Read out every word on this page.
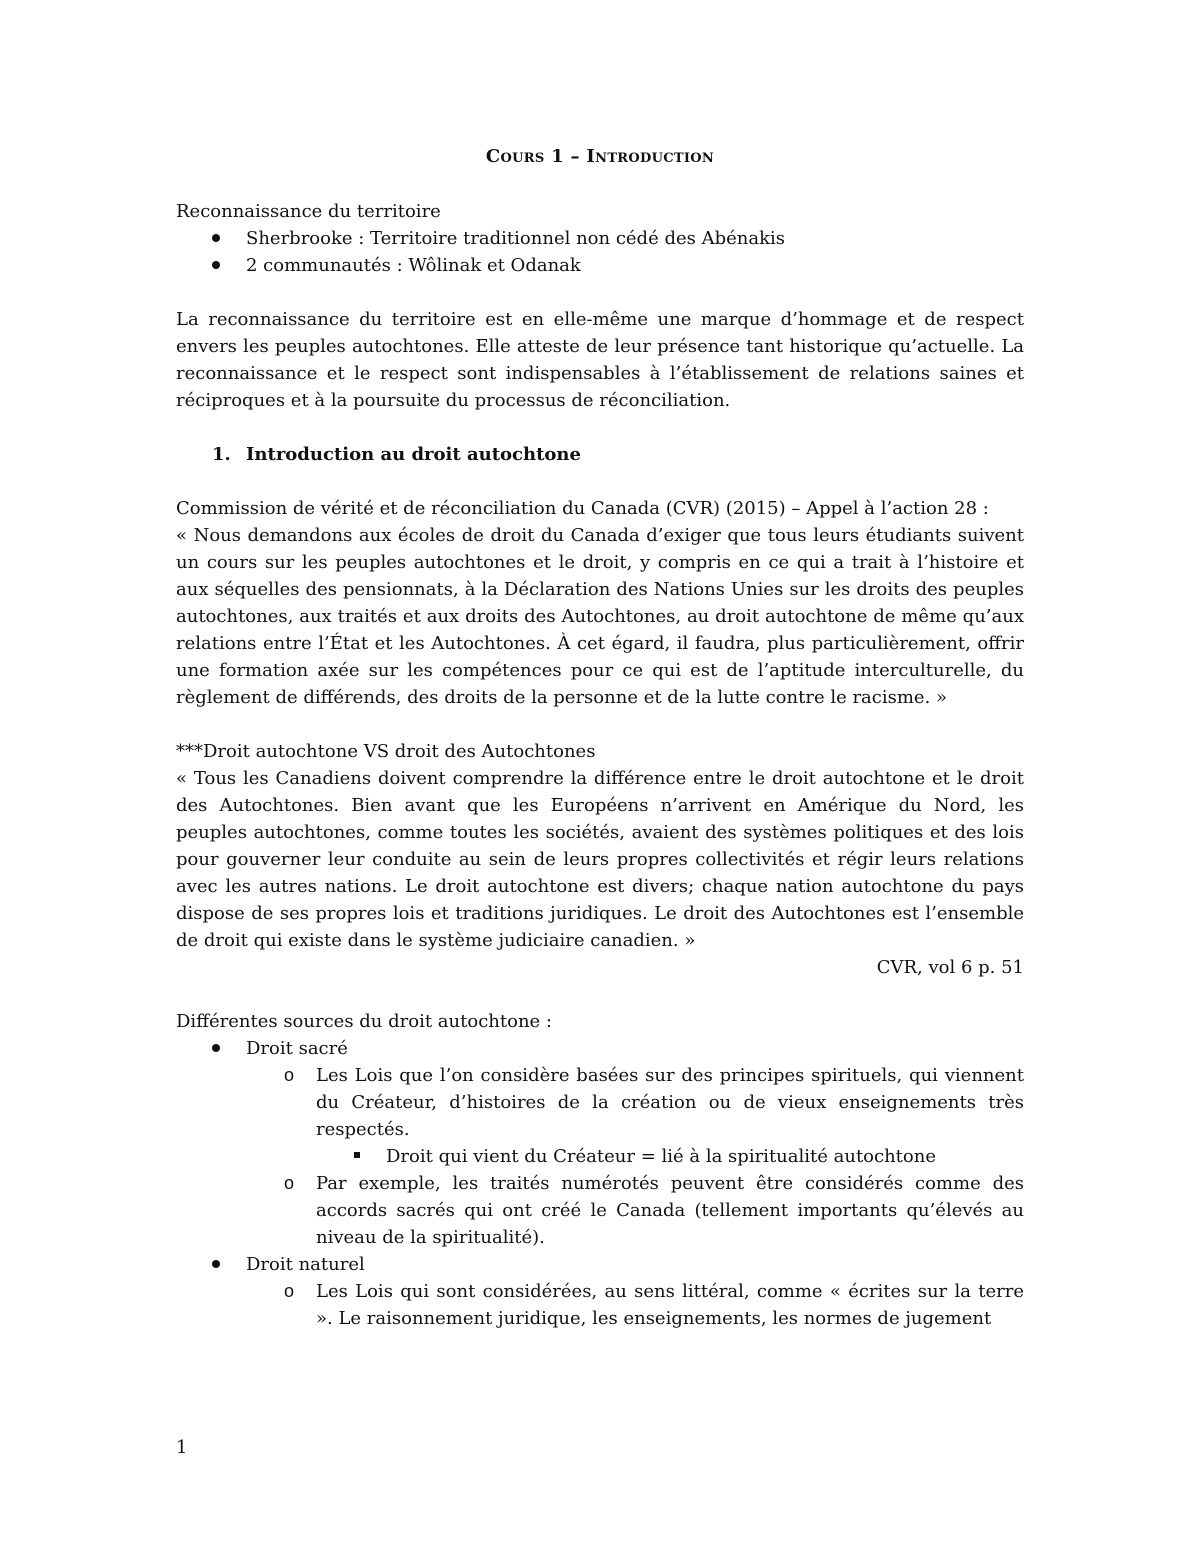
Cours 1 – Introduction

Reconnaissance du territoire

Sherbrooke : Territoire traditionnel non cédé des Abénakis
2 communautés : Wôlinak et Odanak

La reconnaissance du territoire est en elle-même une marque d’hommage et de respect envers les peuples autochtones. Elle atteste de leur présence tant historique qu’actuelle. La reconnaissance et le respect sont indispensables à l’établissement de relations saines et réciproques et à la poursuite du processus de réconciliation.

1. Introduction au droit autochtone

Commission de vérité et de réconciliation du Canada (CVR) (2015) – Appel à l’action 28 :

« Nous demandons aux écoles de droit du Canada d’exiger que tous leurs étudiants suivent un cours sur les peuples autochtones et le droit, y compris en ce qui a trait à l’histoire et aux séquelles des pensionnats, à la Déclaration des Nations Unies sur les droits des peuples autochtones, aux traités et aux droits des Autochtones, au droit autochtone de même qu’aux relations entre l’État et les Autochtones. À cet égard, il faudra, plus particulièrement, offrir une formation axée sur les compétences pour ce qui est de l’aptitude interculturelle, du règlement de différends, des droits de la personne et de la lutte contre le racisme. »

***Droit autochtone VS droit des Autochtones

« Tous les Canadiens doivent comprendre la différence entre le droit autochtone et le droit des Autochtones. Bien avant que les Européens n’arrivent en Amérique du Nord, les peuples autochtones, comme toutes les sociétés, avaient des systèmes politiques et des lois pour gouverner leur conduite au sein de leurs propres collectivités et régir leurs relations avec les autres nations. Le droit autochtone est divers; chaque nation autochtone du pays dispose de ses propres lois et traditions juridiques. Le droit des Autochtones est l’ensemble de droit qui existe dans le système judiciaire canadien. »

CVR, vol 6 p. 51

Différentes sources du droit autochtone :

Droit sacré
o Les Lois que l’on considère basées sur des principes spirituels, qui viennent du Créateur, d’histoires de la création ou de vieux enseignements très respectés.
Droit qui vient du Créateur = lié à la spiritualité autochtone
o Par exemple, les traités numérotés peuvent être considérés comme des accords sacrés qui ont créé le Canada (tellement importants qu’élevés au niveau de la spiritualité).
Droit naturel
o Les Lois qui sont considérées, au sens littéral, comme « écrites sur la terre ». Le raisonnement juridique, les enseignements, les normes de jugement
1
